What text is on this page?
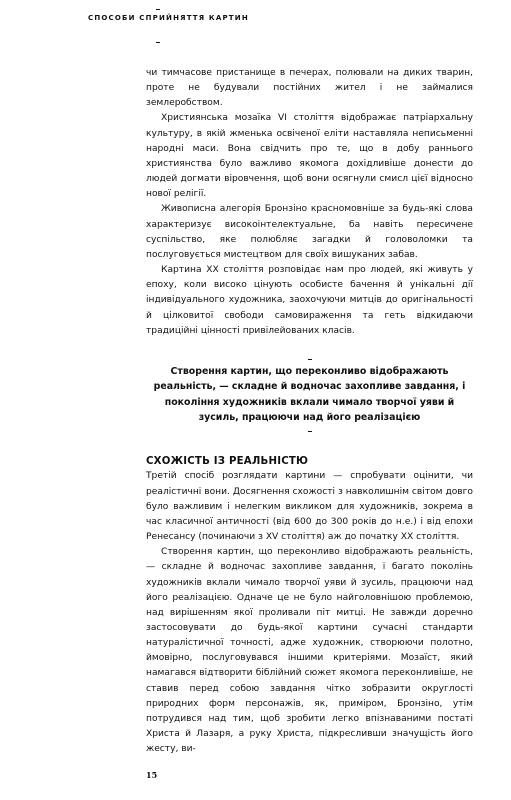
СПОСОБИ СПРИЙНЯТТЯ КАРТИН

чи тимчасове пристанище в печерах, полювали на диких тварин, проте не будували постійних жител і не займалися землеробством.

Християнська мозаїка VI століття відображає патріархальну культуру, в якій жменька освіченої еліти наставляла неписьменні народні маси. Вона свідчить про те, що в добу раннього християнства було важливо якомога дохідливіше донести до людей догмати віровчення, щоб вони осягнули смисл цієї відносно нової релігії.

Живописна алегорія Бронзіно красномовніше за будь-які слова характеризує високоінтелектуальне, ба навіть пересичене суспільство, яке полюбляє загадки й головоломки та послуговується мистецтвом для своїх вишуканих забав.

Картина XX століття розповідає нам про людей, які живуть у епоху, коли високо цінують особисте бачення й унікальні дії індивідуального художника, заохочуючи митців до оригінальності й цілковитої свободи самовираження та геть відкидаючи традиційні цінності привілейованих класів.

Створення картин, що переконливо відображають реальність, — складне й водночас захопливе завдання, і покоління художників вклали чимало творчої уяви й зусиль, працюючи над його реалізацією
СХОЖІСТЬ ІЗ РЕАЛЬНІСТЮ

Третій спосіб розглядати картини — спробувати оцінити, чи реалістичні вони. Досягнення схожості з навколишнім світом довго було важливим і нелегким викликом для художників, зокрема в час класичної античності (від 600 до 300 років до н.е.) і від епохи Ренесансу (починаючи з XV століття) аж до початку XX століття.

Створення картин, що переконливо відображають реальність, — складне й водночас захопливе завдання, і багато поколінь художників вклали чимало творчої уяви й зусиль, працюючи над його реалізацією. Одначе це не було найголовнішою проблемою, над вирішенням якої проливали піт митці. Не завжди доречно застосовувати до будь-якої картини сучасні стандарти натуралістичної точності, адже художник, створюючи полотно, ймовірно, послуговувався іншими критеріями. Мозаїст, який намагався відтворити біблійний сюжет якомога переконливіше, не ставив перед собою завдання чітко зобразити округлості природних форм персонажів, як, приміром, Бронзіно, утім потрудився над тим, щоб зробити легко впізнаваними постаті Христа й Лазаря, а руку Христа, підкресливши значущість його жесту, ви-

15
